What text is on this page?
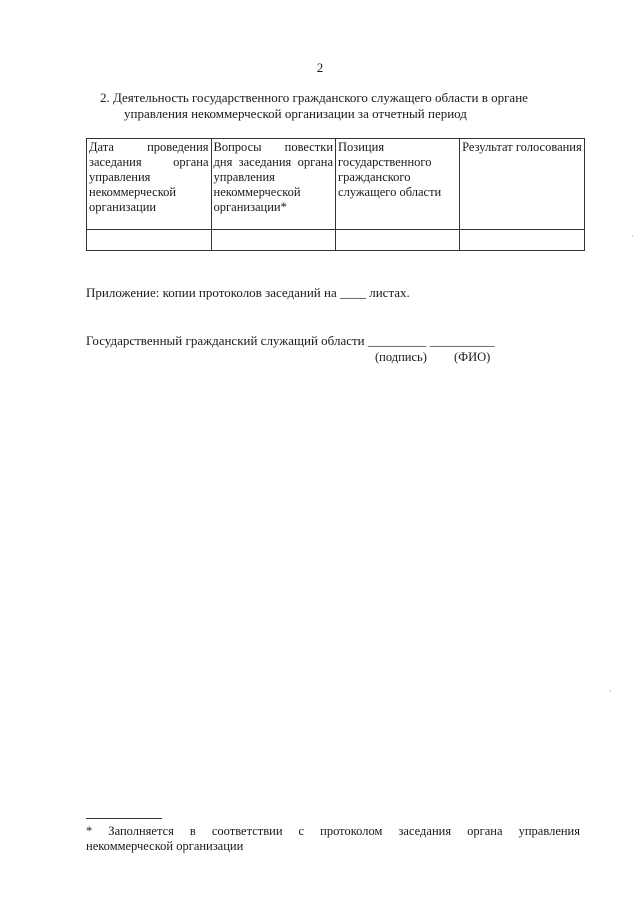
2
2. Деятельность государственного гражданского служащего области в органе
управления некоммерческой организации за отчетный период
Дата проведения заседания органа управления некоммерческой организации	Вопросы повестки дня заседания органа управления некоммерческой организации*	Позиция государственного гражданского служащего области	Результат голосования

Приложение: копии протоколов заседаний на ____ листах.
Государственный гражданский служащий области _________ __________
(подпись) (ФИО)
* Заполняется в соответствии с протоколом заседания органа управления
некоммерческой организации
·
·
